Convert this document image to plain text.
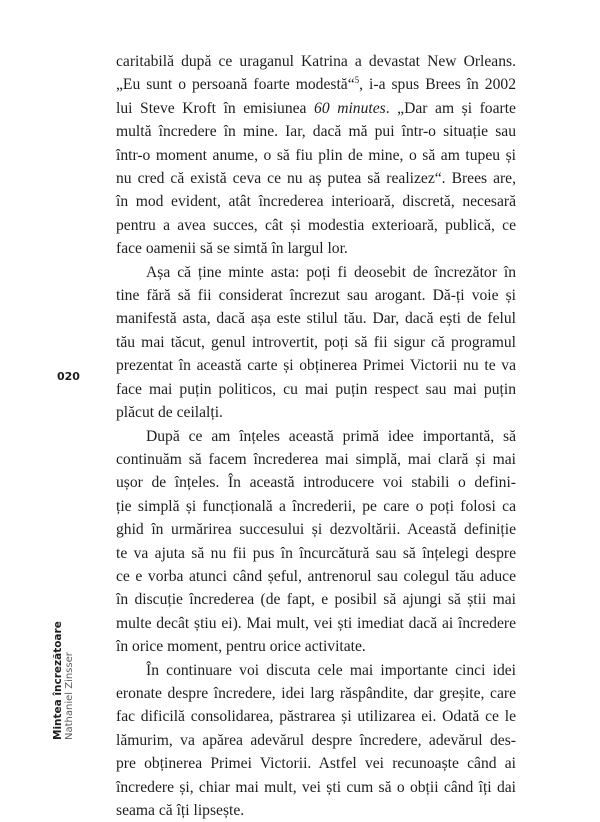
caritabilă după ce uraganul Katrina a devastat New Orleans.
„Eu sunt o persoană foarte modestă“$^5$, i-a spus Brees în 2002
lui Steve Kroft în emisiunea 60 minutes. „Dar am și foarte
multă încredere în mine. Iar, dacă mă pui într-o situație sau
într-o moment anume, o să fiu plin de mine, o să am tupeu și
nu cred că există ceva ce nu aș putea să realizez“. Brees are,
în mod evident, atât încrederea interioară, discretă, necesară
pentru a avea succes, cât și modestia exterioară, publică, ce
face oamenii să se simtă în largul lor.

Așa că ține minte asta: poți fi deosebit de încrezător în
tine fără să fii considerat încrezut sau arogant. Dă-ți voie și
manifestă asta, dacă așa este stilul tău. Dar, dacă ești de felul
tău mai tăcut, genul introvertit, poți să fii sigur că programul
prezentat în această carte și obținerea Primei Victorii nu te va
face mai puțin politicos, cu mai puțin respect sau mai puțin
plăcut de ceilalți.

După ce am înțeles această primă idee importantă, să
continuăm să facem încrederea mai simplă, mai clară și mai
ușor de înțeles. În această introducere voi stabili o defini-
ție simplă și funcțională a încrederii, pe care o poți folosi ca
ghid în urmărirea succesului și dezvoltării. Această definiție
te va ajuta să nu fii pus în încurcătură sau să înțelegi despre
ce e vorba atunci când șeful, antrenorul sau colegul tău aduce
în discuție încrederea (de fapt, e posibil să ajungi să știi mai
multe decât știu ei). Mai mult, vei ști imediat dacă ai încredere
în orice moment, pentru orice activitate.

În continuare voi discuta cele mai importante cinci idei
eronate despre încredere, idei larg răspândite, dar greșite, care
fac dificilă consolidarea, păstrarea și utilizarea ei. Odată ce le
lămurim, va apărea adevărul despre încredere, adevărul des-
pre obținerea Primei Victorii. Astfel vei recunoaște când ai
încredere și, chiar mai mult, vei ști cum să o obții când îți dai
seama că îți lipsește.

020
Mintea încrezătoare Nathaniel Zinsser
